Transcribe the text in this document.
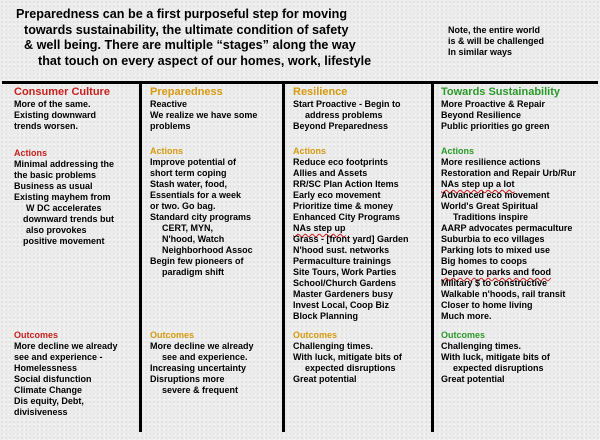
Preparedness can be a first purposeful step for moving
towards sustainability, the ultimate condition of safety
& well being. There are multiple “stages” along the way
that touch on every aspect of our homes, work, lifestyle
Note, the entire world
is & will be challenged
In similar ways
Consumer Culture
More of the same.
Existing downward
trends worsen.
Actions
Minimal addressing the
the basic problems
Business as usual
Existing mayhem from
W DC accelerates
downward trends but
also provokes
positive movement
Outcomes
More decline we already
see and experience -
Homelessness
Social disfunction
Climate Change
Dis equity, Debt,
divisiveness
Preparedness
Reactive
We realize we have some
problems
Actions
Improve potential of
short term coping
Stash water, food,
Essentials for a week
or two. Go bag.
Standard city programs
CERT, MYN,
N'hood, Watch
Neighborhood Assoc
Begin few pioneers of
paradigm shift
Outcomes
More decline we already
see and experience.
Increasing uncertainty
Disruptions more
severe & frequent
Resilience
Start Proactive - Begin to
address problems
Beyond Preparedness
Actions
Reduce eco footprints
Allies and Assets
RR/SC Plan Action Items
Early eco movement
Prioritize time & money
Enhanced City Programs
NAs step up
Grass - [front yard] Garden
N'hood sust. networks
Permaculture trainings
Site Tours, Work Parties
School/Church Gardens
Master Gardeners busy
Invest Local, Coop Biz
Block Planning
Outcomes
Challenging times.
With luck, mitigate bits of
expected disruptions
Great potential
Towards Sustainability
More Proactive & Repair
Beyond Resilience
Public priorities go green
Actions
More resilience actions
Restoration and Repair Urb/Rur
NAs step up a lot
Advanced eco movement
World's Great Spiritual
Traditions inspire
AARP advocates permaculture
Suburbia to eco villages
Parking lots to mixed use
Big homes to coops
Depave to parks and food
Military $ to constructive
Walkable n'hoods, rail transit
Closer to home living
Much more.
Outcomes
Challenging times.
With luck, mitigate bits of
expected disruptions
Great potential
